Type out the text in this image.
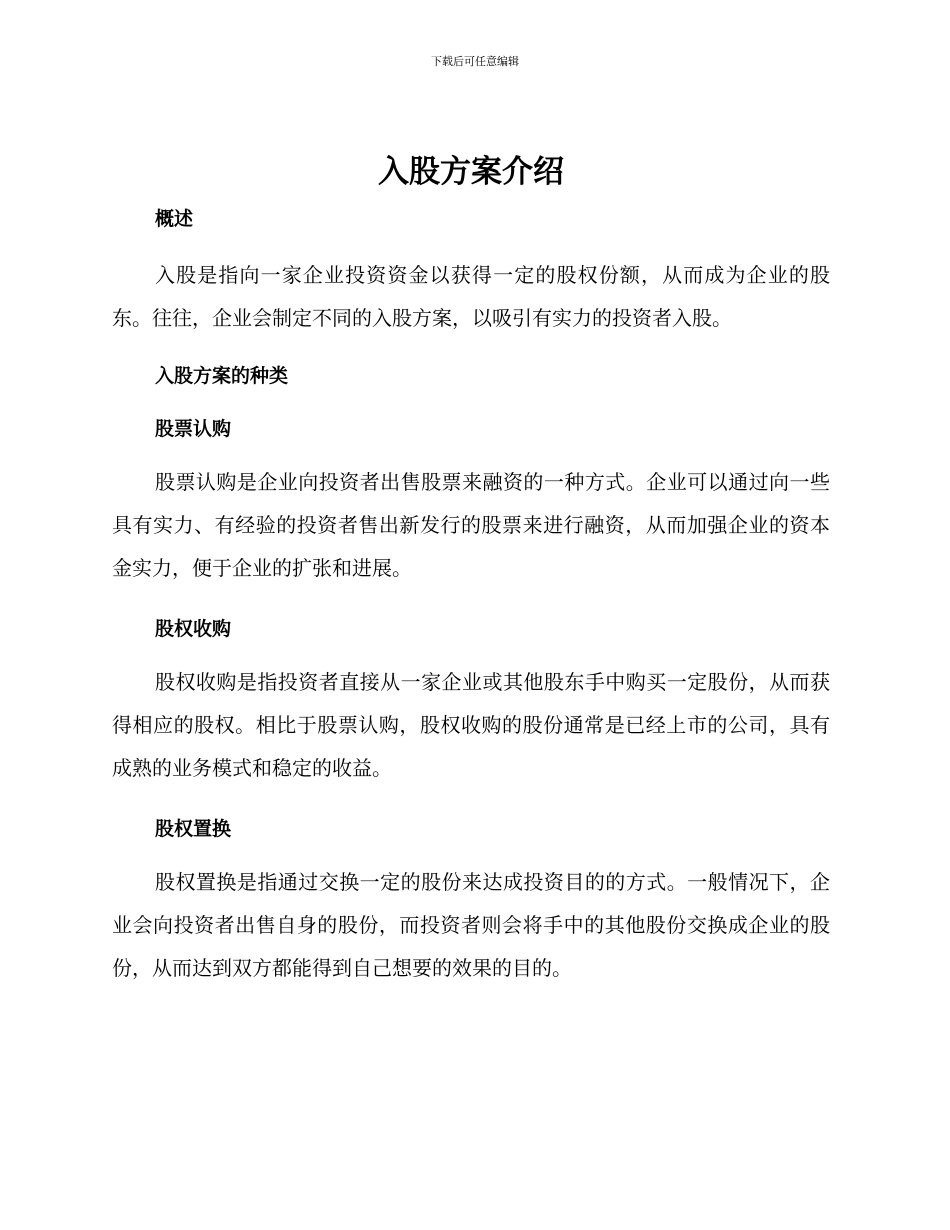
下载后可任意编辑
入股方案介绍
概述

入股是指向一家企业投资资金以获得一定的股权份额，从而成为企业的股东。往往，企业会制定不同的入股方案，以吸引有实力的投资者入股。

入股方案的种类
股票认购

股票认购是企业向投资者出售股票来融资的一种方式。企业可以通过向一些具有实力、有经验的投资者售出新发行的股票来进行融资，从而加强企业的资本金实力，便于企业的扩张和进展。

股权收购

股权收购是指投资者直接从一家企业或其他股东手中购买一定股份，从而获得相应的股权。相比于股票认购，股权收购的股份通常是已经上市的公司，具有成熟的业务模式和稳定的收益。

股权置换

股权置换是指通过交换一定的股份来达成投资目的的方式。一般情况下，企业会向投资者出售自身的股份，而投资者则会将手中的其他股份交换成企业的股份，从而达到双方都能得到自己想要的效果的目的。
